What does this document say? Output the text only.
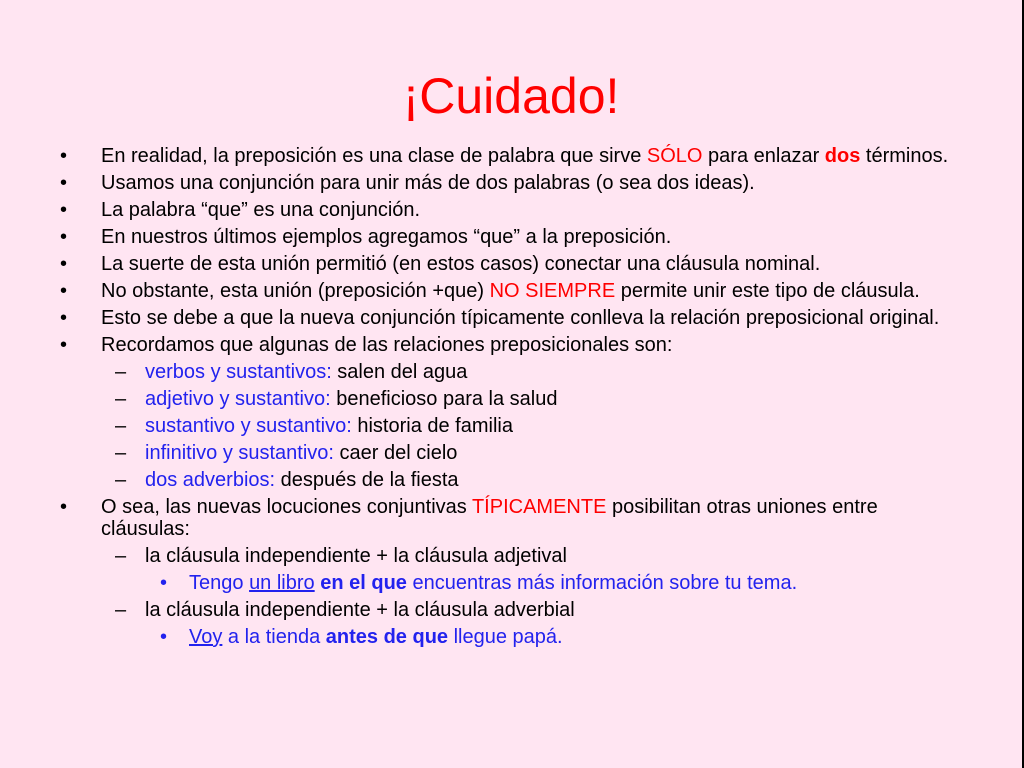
¡Cuidado!
• En realidad, la preposición es una clase de palabra que sirve SÓLO para enlazar dos términos.
• Usamos una conjunción para unir más de dos palabras (o sea dos ideas).
• La palabra “que” es una conjunción.
• En nuestros últimos ejemplos agregamos “que” a la preposición.
• La suerte de esta unión permitió (en estos casos) conectar una cláusula nominal.
• No obstante, esta unión (preposición +que) NO SIEMPRE permite unir este tipo de cláusula.
• Esto se debe a que la nueva conjunción típicamente conlleva la relación preposicional original.
• Recordamos que algunas de las relaciones preposicionales son:
– verbos y sustantivos: salen del agua
– adjetivo y sustantivo: beneficioso para la salud
– sustantivo y sustantivo: historia de familia
– infinitivo y sustantivo: caer del cielo
– dos adverbios: después de la fiesta
• O sea, las nuevas locuciones conjuntivas TÍPICAMENTE posibilitan otras uniones entre cláusulas:
– la cláusula independiente + la cláusula adjetival
• Tengo un libro en el que encuentras más información sobre tu tema.
– la cláusula independiente + la cláusula adverbial
• Voy a la tienda antes de que llegue papá.
